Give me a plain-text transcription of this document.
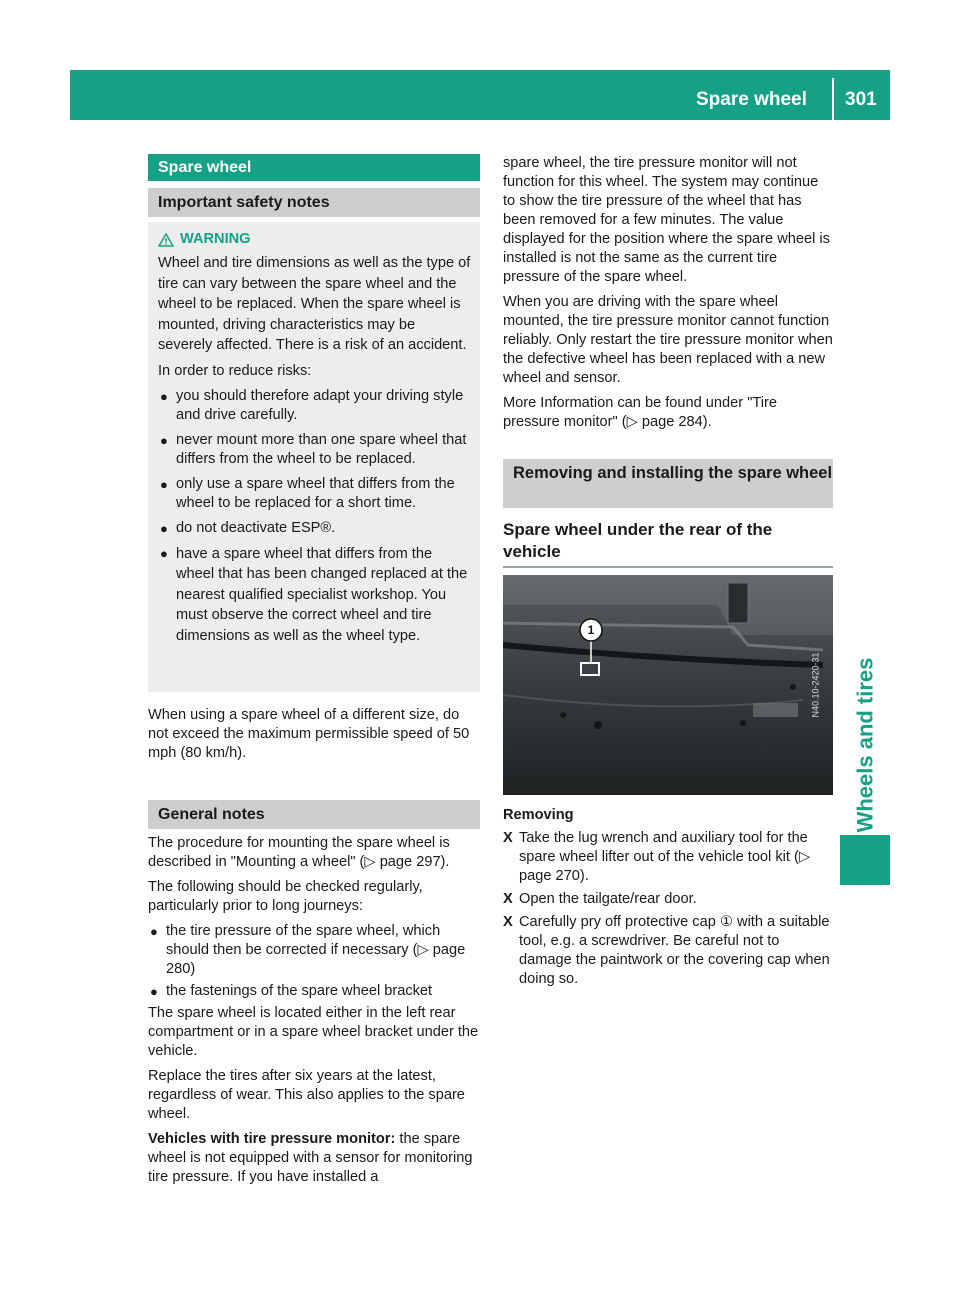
Spare wheel 301
Wheels and tires
Spare wheel
Important safety notes
WARNING

Wheel and tire dimensions as well as the type of tire can vary between the spare wheel and the wheel to be replaced. When the spare wheel is mounted, driving characteristics may be severely affected. There is a risk of an accident.

In order to reduce risks:

● you should therefore adapt your driving style and drive carefully.
● never mount more than one spare wheel that differs from the wheel to be replaced.
● only use a spare wheel that differs from the wheel to be replaced for a short time.
● do not deactivate ESP®.
● have a spare wheel that differs from the wheel that has been changed replaced at the nearest qualified specialist workshop. You must observe the correct wheel and tire dimensions as well as the wheel type.

When using a spare wheel of a different size, do not exceed the maximum permissible speed of 50 mph (80 km/h).

General notes

The procedure for mounting the spare wheel is described in "Mounting a wheel" (▷ page 297).

The following should be checked regularly, particularly prior to long journeys:

● the tire pressure of the spare wheel, which should then be corrected if necessary (▷ page 280)
● the fastenings of the spare wheel bracket

The spare wheel is located either in the left rear compartment or in a spare wheel bracket under the vehicle.

Replace the tires after six years at the latest, regardless of wear. This also applies to the spare wheel.

Vehicles with tire pressure monitor: the spare wheel is not equipped with a sensor for monitoring tire pressure. If you have installed a

spare wheel, the tire pressure monitor will not function for this wheel. The system may continue to show the tire pressure of the wheel that has been removed for a few minutes. The value displayed for the position where the spare wheel is installed is not the same as the current tire pressure of the spare wheel.

When you are driving with the spare wheel mounted, the tire pressure monitor cannot function reliably. Only restart the tire pressure monitor when the defective wheel has been replaced with a new wheel and sensor.

More Information can be found under "Tire pressure monitor" (▷ page 284).

Removing and installing the spare wheel
Spare wheel under the rear of the vehicle
1
N40.10-2420-31

Removing

X Take the lug wrench and auxiliary tool for the spare wheel lifter out of the vehicle tool kit (▷ page 270).
X Open the tailgate/rear door.
X Carefully pry off protective cap ① with a suitable tool, e.g. a screwdriver. Be careful not to damage the paintwork or the covering cap when doing so.
